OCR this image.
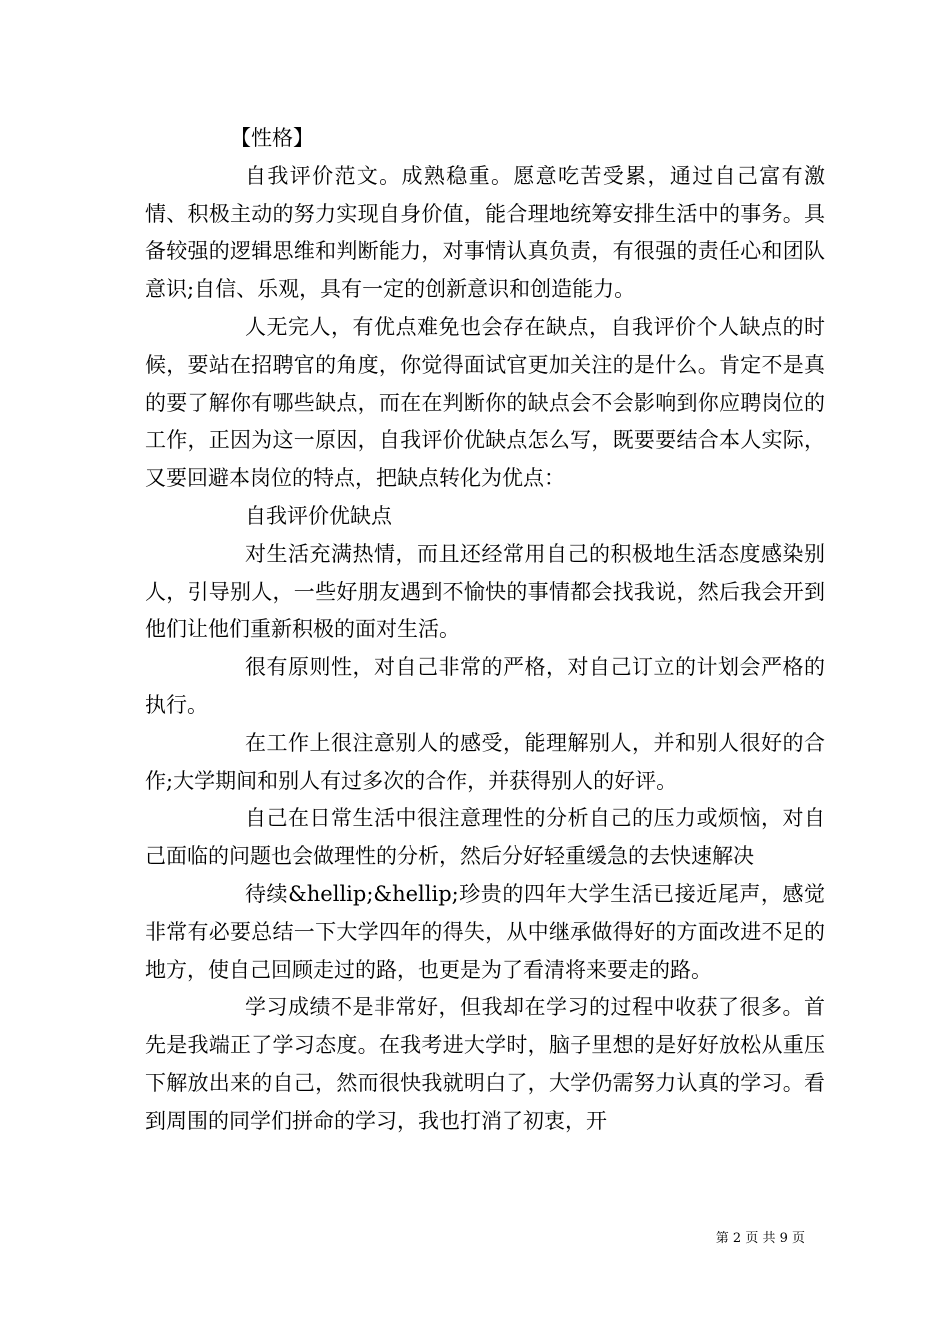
【性格】

自我评价范文。成熟稳重。愿意吃苦受累，通过自己富有激情、积极主动的努力实现自身价值，能合理地统筹安排生活中的事务。具备较强的逻辑思维和判断能力，对事情认真负责，有很强的责任心和团队意识;自信、乐观，具有一定的创新意识和创造能力。

人无完人，有优点难免也会存在缺点，自我评价个人缺点的时候，要站在招聘官的角度，你觉得面试官更加关注的是什么。肯定不是真的要了解你有哪些缺点，而在在判断你的缺点会不会影响到你应聘岗位的工作，正因为这一原因，自我评价优缺点怎么写，既要要结合本人实际，又要回避本岗位的特点，把缺点转化为优点：

自我评价优缺点

对生活充满热情，而且还经常用自己的积极地生活态度感染别人，引导别人，一些好朋友遇到不愉快的事情都会找我说，然后我会开到他们让他们重新积极的面对生活。

很有原则性，对自己非常的严格，对自己订立的计划会严格的执行。

在工作上很注意别人的感受，能理解别人，并和别人很好的合作;大学期间和别人有过多次的合作，并获得别人的好评。

自己在日常生活中很注意理性的分析自己的压力或烦恼，对自己面临的问题也会做理性的分析，然后分好轻重缓急的去快速解决

待续&hellip;&hellip;珍贵的四年大学生活已接近尾声，感觉非常有必要总结一下大学四年的得失，从中继承做得好的方面改进不足的地方，使自己回顾走过的路，也更是为了看清将来要走的路。

学习成绩不是非常好，但我却在学习的过程中收获了很多。首先是我端正了学习态度。在我考进大学时，脑子里想的是好好放松从重压下解放出来的自己，然而很快我就明白了，大学仍需努力认真的学习。看到周围的同学们拼命的学习，我也打消了初衷，开

第 2 页 共 9 页
